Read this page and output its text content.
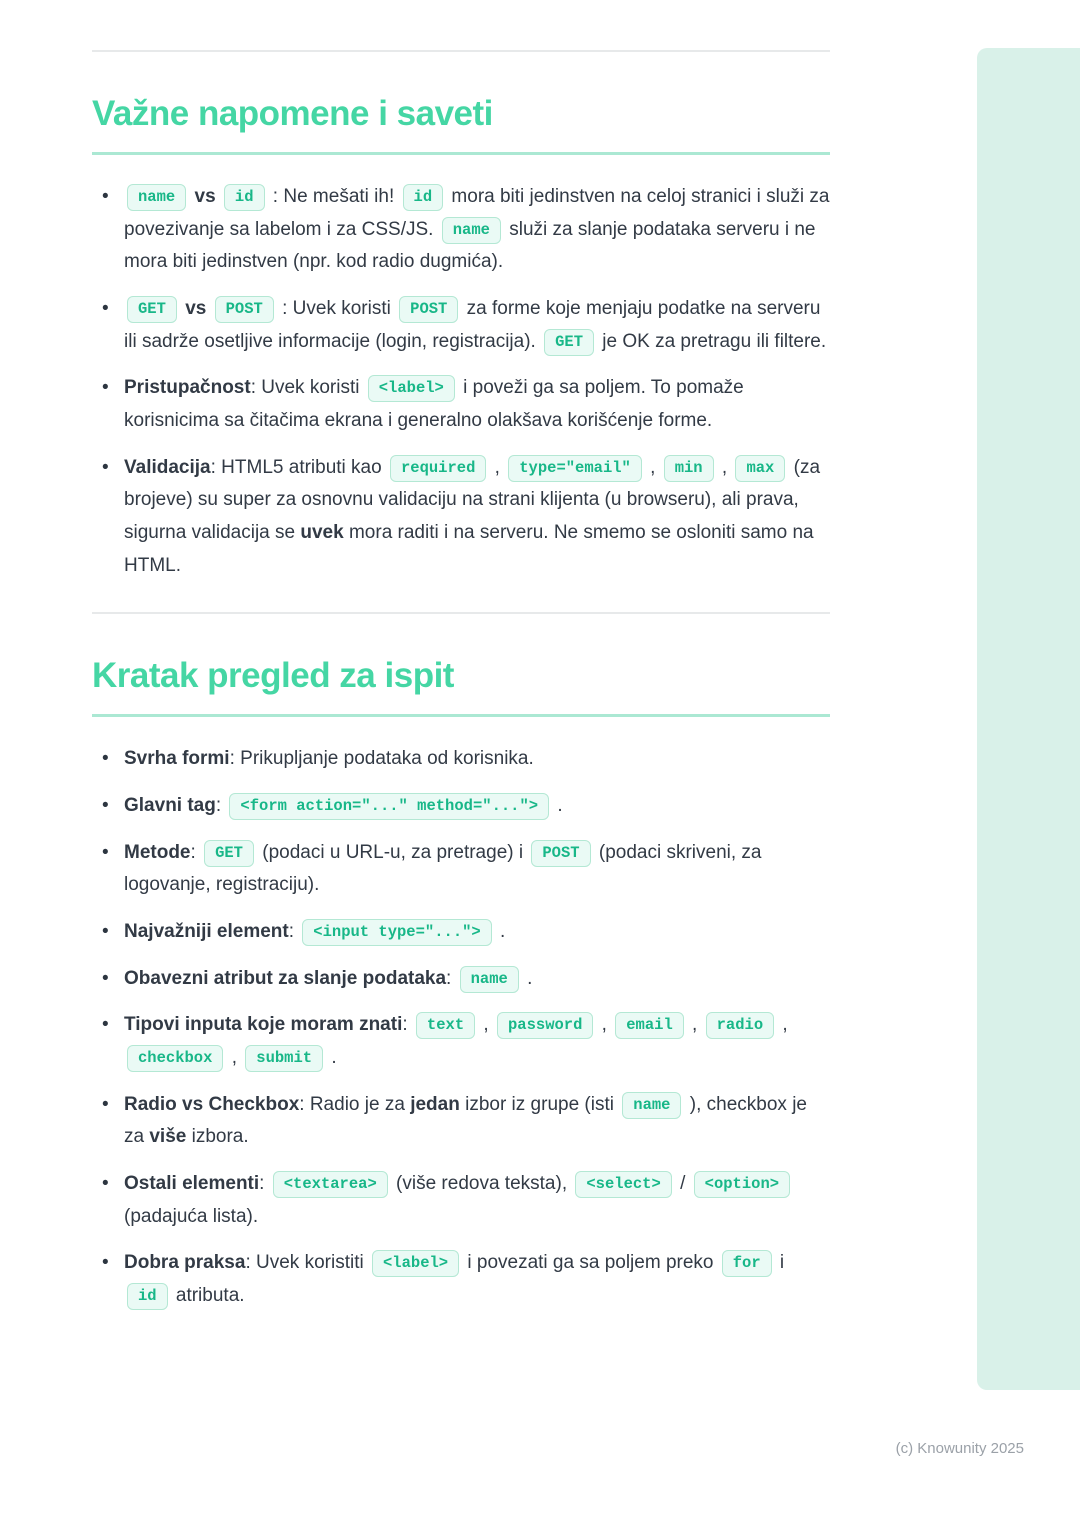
Važne napomene i saveti
•	name vs id : Ne mešati ih! id mora biti jedinstven na celoj stranici i služi za povezivanje sa labelom i za CSS/JS. name služi za slanje podataka serveru i ne mora biti jedinstven (npr. kod radio dugmića).
•	GET vs POST : Uvek koristi POST za forme koje menjaju podatke na serveru ili sadrže osetljive informacije (login, registracija). GET je OK za pretragu ili filtere.
• Pristupačnost: Uvek koristi <label> i poveži ga sa poljem. To pomaže korisnicima sa čitačima ekrana i generalno olakšava korišćenje forme.
• Validacija: HTML5 atributi kao required , type="email" , min , max (za brojeve) su super za osnovnu validaciju na strani klijenta (u browseru), ali prava, sigurna validacija se uvek mora raditi i na serveru. Ne smemo se osloniti samo na HTML.
Kratak pregled za ispit
• Svrha formi: Prikupljanje podataka od korisnika.
• Glavni tag: <form action="..." method="..."> .
• Metode: GET (podaci u URL-u, za pretrage) i POST (podaci skriveni, za logovanje, registraciju).
• Najvažniji element: <input type="..."> .
• Obavezni atribut za slanje podataka: name .
• Tipovi inputa koje moram znati: text , password , email , radio , checkbox , submit .
• Radio vs Checkbox: Radio je za jedan izbor iz grupe (isti name ), checkbox je za više izbora.
• Ostali elementi: <textarea> (više redova teksta), <select> / <option> (padajuća lista).
• Dobra praksa: Uvek koristiti <label> i povezati ga sa poljem preko for i id atributa.
(c) Knowunity 2025
